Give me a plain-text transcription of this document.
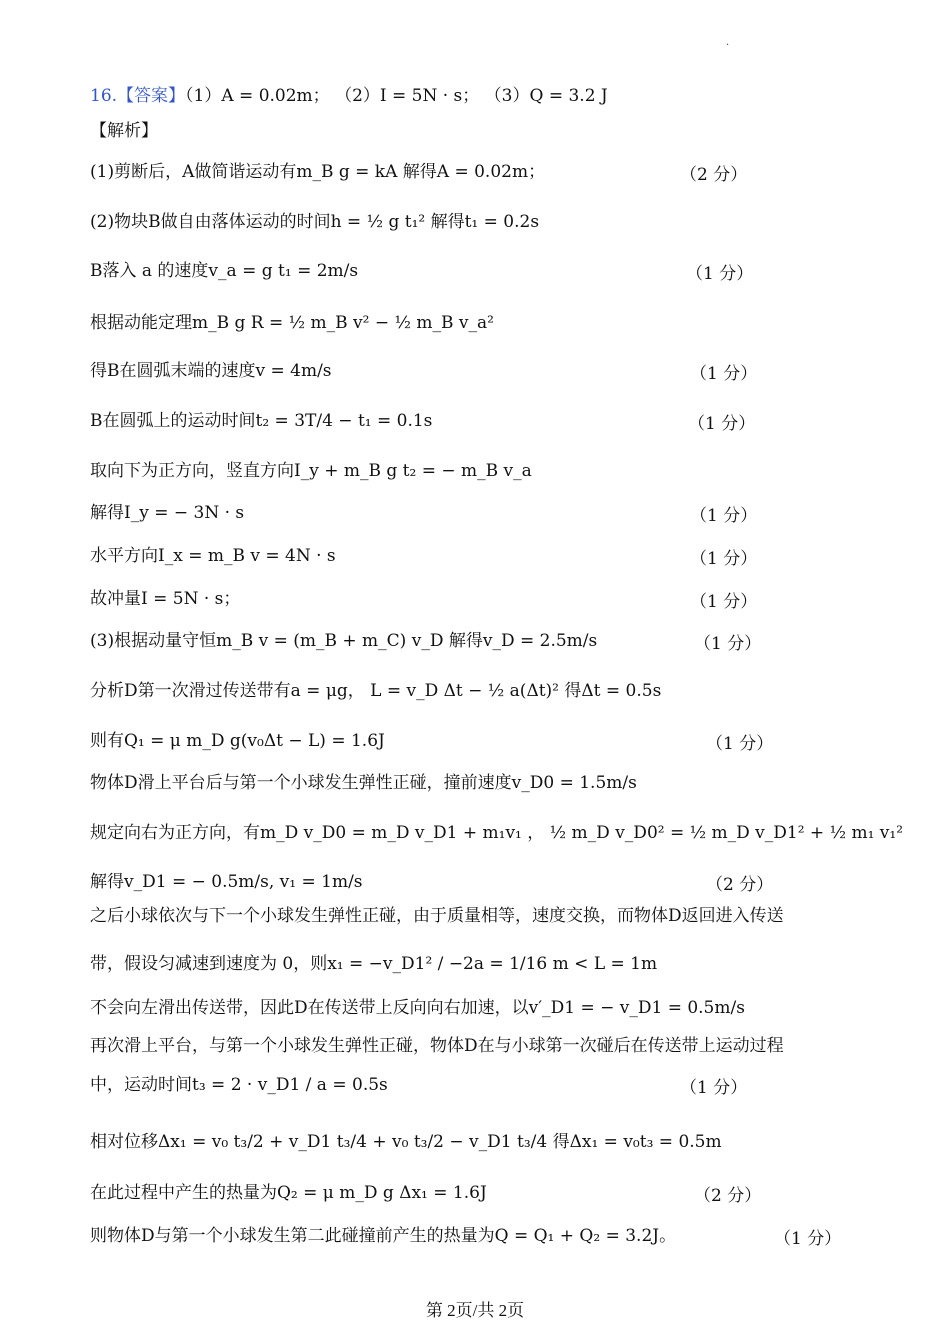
·
16.【答案】（1）A = 0.02m； （2）I = 5N · s； （3）Q = 3.2 J
【解析】
(1)剪断后，A做简谐运动有m_B g = kA 解得A = 0.02m；	（2 分）
(2)物块B做自由落体运动的时间h = ½ g t₁² 解得t₁ = 0.2s
B落入 a 的速度v_a = g t₁ = 2m/s	（1 分）
根据动能定理m_B g R = ½ m_B v² − ½ m_B v_a²
得B在圆弧末端的速度v = 4m/s	（1 分）
B在圆弧上的运动时间t₂ = 3T/4 − t₁ = 0.1s	（1 分）
取向下为正方向，竖直方向I_y + m_B g t₂ = − m_B v_a
解得I_y = − 3N · s	（1 分）
水平方向I_x = m_B v = 4N · s	（1 分）
故冲量I = 5N · s；	（1 分）
(3)根据动量守恒m_B v = (m_B + m_C) v_D 解得v_D = 2.5m/s	（1 分）
分析D第一次滑过传送带有a = μg， L = v_D Δt − ½ a(Δt)² 得Δt = 0.5s
则有Q₁ = μ m_D g(v₀Δt − L) = 1.6J	（1 分）
物体D滑上平台后与第一个小球发生弹性正碰，撞前速度v_D0 = 1.5m/s
规定向右为正方向，有m_D v_D0 = m_D v_D1 + m₁v₁ ， ½ m_D v_D0² = ½ m_D v_D1² + ½ m₁ v₁²
解得v_D1 = − 0.5m/s, v₁ = 1m/s	（2 分）
之后小球依次与下一个小球发生弹性正碰，由于质量相等，速度交换，而物体D返回进入传送
带，假设匀减速到速度为 0，则x₁ = −v_D1² / −2a = 1/16 m < L = 1m
不会向左滑出传送带，因此D在传送带上反向向右加速，以v′_D1 = − v_D1 = 0.5m/s
再次滑上平台，与第一个小球发生弹性正碰，物体D在与小球第一次碰后在传送带上运动过程
中，运动时间t₃ = 2 · v_D1 / a = 0.5s	（1 分）
相对位移Δx₁ = v₀ t₃/2 + v_D1 t₃/4 + v₀ t₃/2 − v_D1 t₃/4 得Δx₁ = v₀t₃ = 0.5m
在此过程中产生的热量为Q₂ = μ m_D g Δx₁ = 1.6J	（2 分）
则物体D与第一个小球发生第二此碰撞前产生的热量为Q = Q₁ + Q₂ = 3.2J。	（1 分）
第 2页/共 2页
